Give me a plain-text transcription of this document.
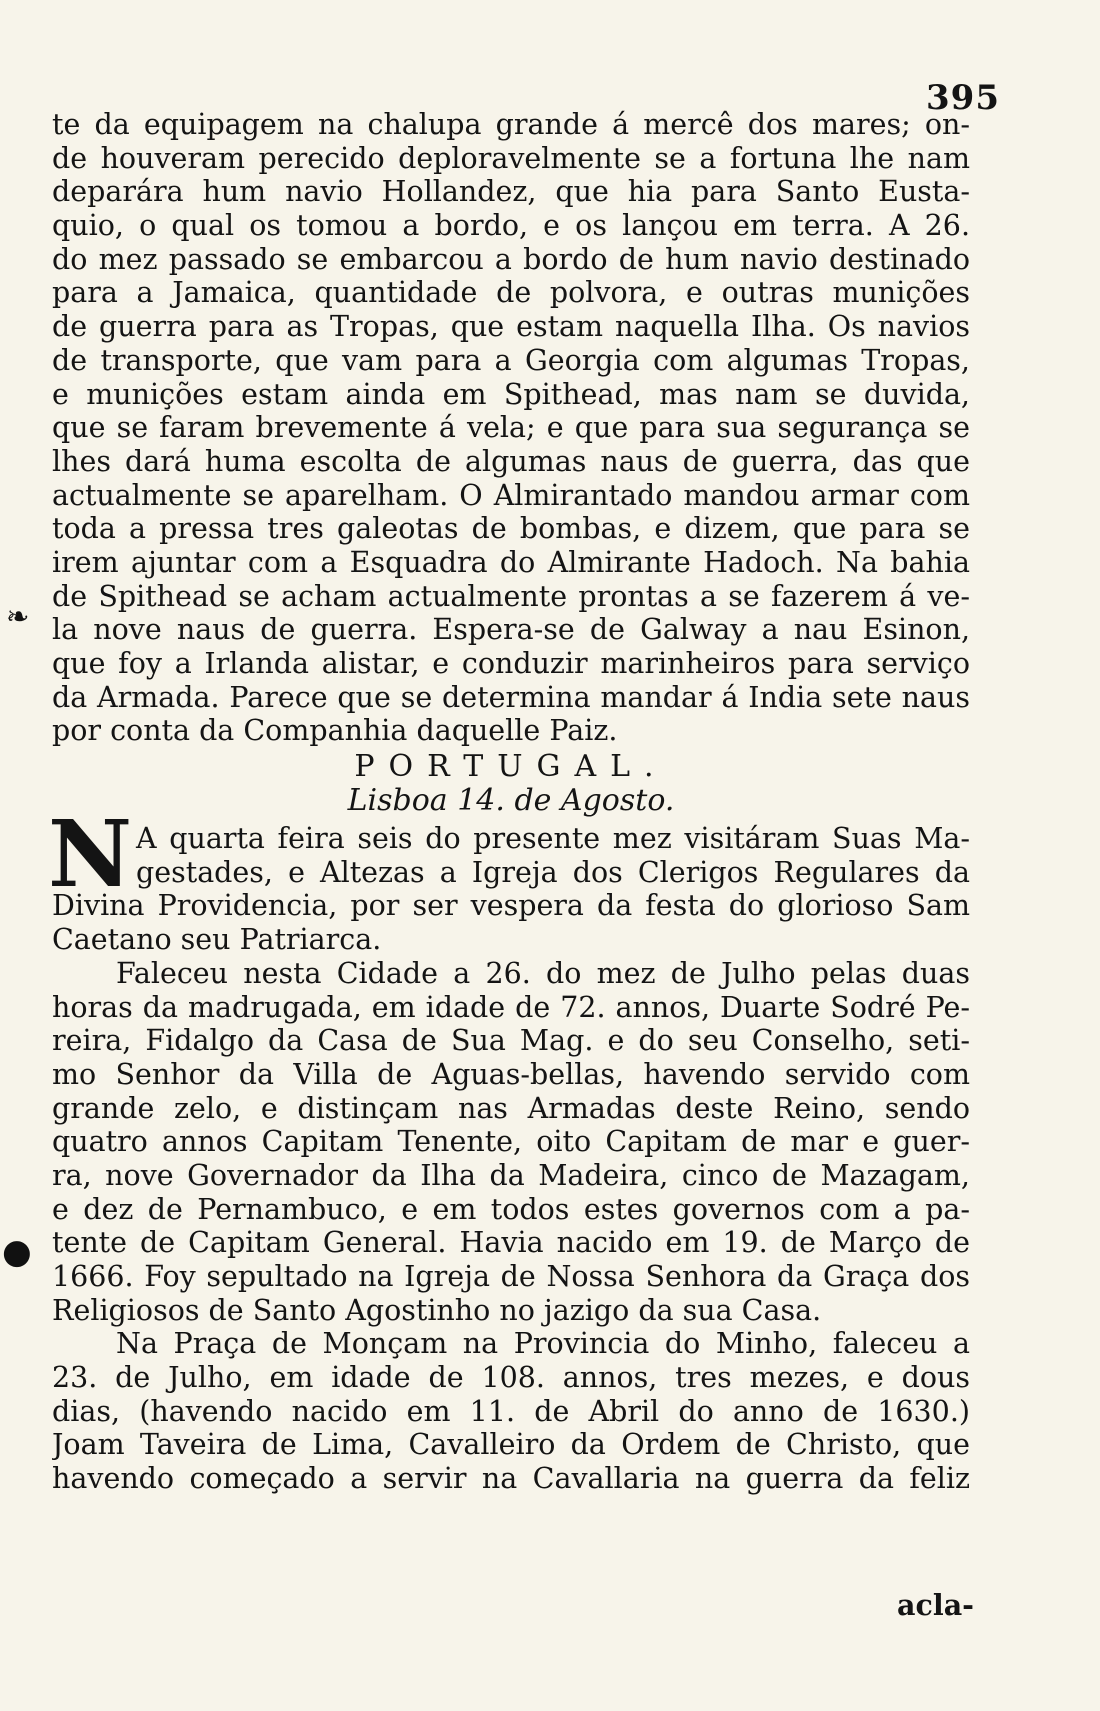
395
❧
●
te da equipagem na chalupa grande á mercê dos mares; on-
de houveram perecido deploravelmente se a fortuna lhe nam
deparára hum navio Hollandez, que hia para Santo Eusta-
quio, o qual os tomou a bordo, e os lançou em terra. A 26.
do mez passado se embarcou a bordo de hum navio destinado
para a Jamaica, quantidade de polvora, e outras munições
de guerra para as Tropas, que estam naquella Ilha. Os navios
de transporte, que vam para a Georgia com algumas Tropas,
e munições estam ainda em Spithead, mas nam se duvida,
que se faram brevemente á vela; e que para sua segurança se
lhes dará huma escolta de algumas naus de guerra, das que
actualmente se aparelham. O Almirantado mandou armar com
toda a pressa tres galeotas de bombas, e dizem, que para se
irem ajuntar com a Esquadra do Almirante Hadoch. Na bahia
de Spithead se acham actualmente prontas a se fazerem á ve-
la nove naus de guerra. Espera-se de Galway a nau Esinon,
que foy a Irlanda alistar, e conduzir marinheiros para serviço
da Armada. Parece que se determina mandar á India sete naus
por conta da Companhia daquelle Paiz.
PORTUGAL.
Lisboa 14. de Agosto.
N A quarta feira seis do presente mez visitáram Suas Ma-
gestades, e Altezas a Igreja dos Clerigos Regulares da
Divina Providencia, por ser vespera da festa do glorioso Sam
Caetano seu Patriarca.
Faleceu nesta Cidade a 26. do mez de Julho pelas duas
horas da madrugada, em idade de 72. annos, Duarte Sodré Pe-
reira, Fidalgo da Casa de Sua Mag. e do seu Conselho, seti-
mo Senhor da Villa de Aguas-bellas, havendo servido com
grande zelo, e distinçam nas Armadas deste Reino, sendo
quatro annos Capitam Tenente, oito Capitam de mar e guer-
ra, nove Governador da Ilha da Madeira, cinco de Mazagam,
e dez de Pernambuco, e em todos estes governos com a pa-
tente de Capitam General. Havia nacido em 19. de Março de
1666. Foy sepultado na Igreja de Nossa Senhora da Graça dos
Religiosos de Santo Agostinho no jazigo da sua Casa.
Na Praça de Monçam na Provincia do Minho, faleceu a
23. de Julho, em idade de 108. annos, tres mezes, e dous
dias, (havendo nacido em 11. de Abril do anno de 1630.)
Joam Taveira de Lima, Cavalleiro da Ordem de Christo, que
havendo começado a servir na Cavallaria na guerra da feliz
acla-
